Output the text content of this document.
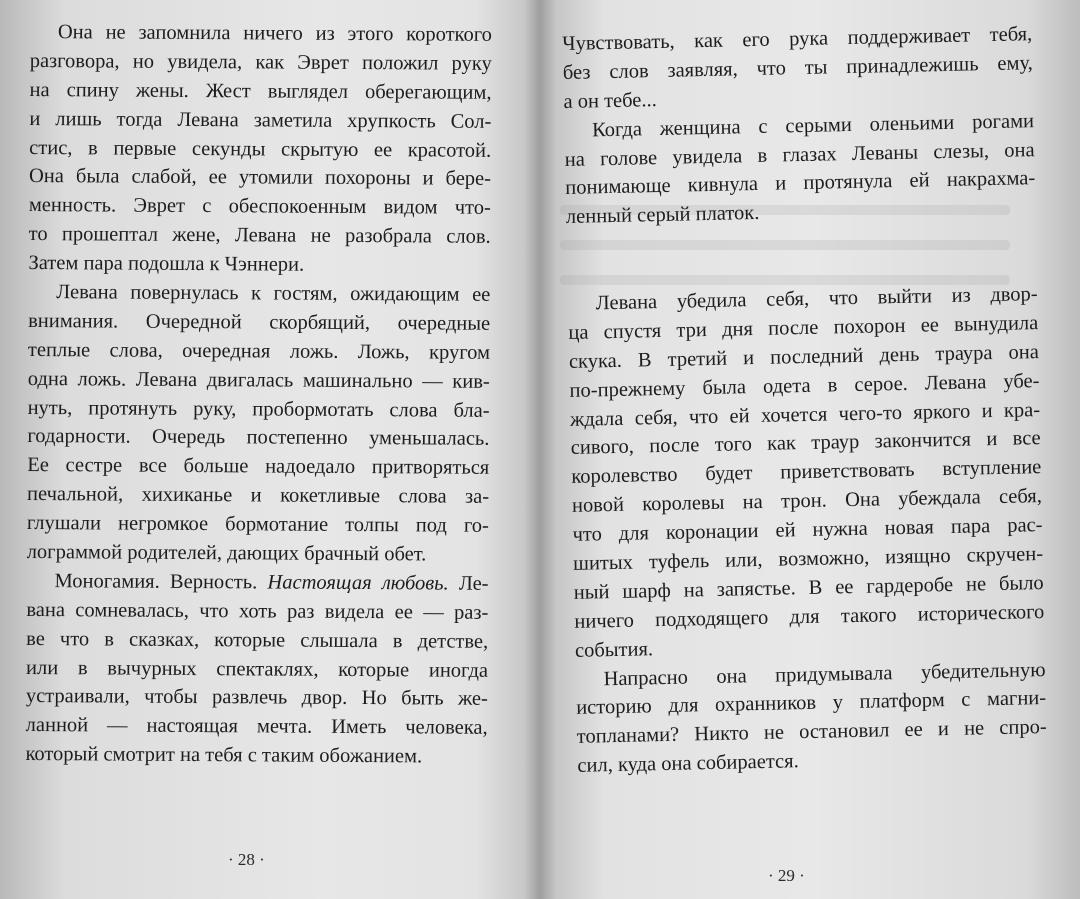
Она не запомнила ничего из этого короткого
разговора, но увидела, как Эврет положил руку
на спину жены. Жест выглядел оберегающим,
и лишь тогда Левана заметила хрупкость Сол-
стис, в первые секунды скрытую ее красотой.
Она была слабой, ее утомили похороны и бере-
менность. Эврет с обеспокоенным видом что-
то прошептал жене, Левана не разобрала слов.
Затем пара подошла к Чэннери.
Левана повернулась к гостям, ожидающим ее
внимания. Очередной скорбящий, очередные
теплые слова, очередная ложь. Ложь, кругом
одна ложь. Левана двигалась машинально — кив-
нуть, протянуть руку, пробормотать слова бла-
годарности. Очередь постепенно уменьшалась.
Ее сестре все больше надоедало притворяться
печальной, хихиканье и кокетливые слова за-
глушали негромкое бормотание толпы под го-
лограммой родителей, дающих брачный обет.
Моногамия. Верность. Настоящая любовь. Ле-
вана сомневалась, что хоть раз видела ее — раз-
ве что в сказках, которые слышала в детстве,
или в вычурных спектаклях, которые иногда
устраивали, чтобы развлечь двор. Но быть же-
ланной — настоящая мечта. Иметь человека,
который смотрит на тебя с таким обожанием.
· 28 ·
Чувствовать, как его рука поддерживает тебя,
без слов заявляя, что ты принадлежишь ему,
а он тебе...
Когда женщина с серыми оленьими рогами
на голове увидела в глазах Леваны слезы, она
понимающе кивнула и протянула ей накрахма-
ленный серый платок.
Левана убедила себя, что выйти из двор-
ца спустя три дня после похорон ее вынудила
скука. В третий и последний день траура она
по-прежнему была одета в серое. Левана убе-
ждала себя, что ей хочется чего-то яркого и кра-
сивого, после того как траур закончится и все
королевство будет приветствовать вступление
новой королевы на трон. Она убеждала себя,
что для коронации ей нужна новая пара рас-
шитых туфель или, возможно, изящно скручен-
ный шарф на запястье. В ее гардеробе не было
ничего подходящего для такого исторического
события.
Напрасно она придумывала убедительную
историю для охранников у платформ с магни-
топланами? Никто не остановил ее и не спро-
сил, куда она собирается.
· 29 ·
